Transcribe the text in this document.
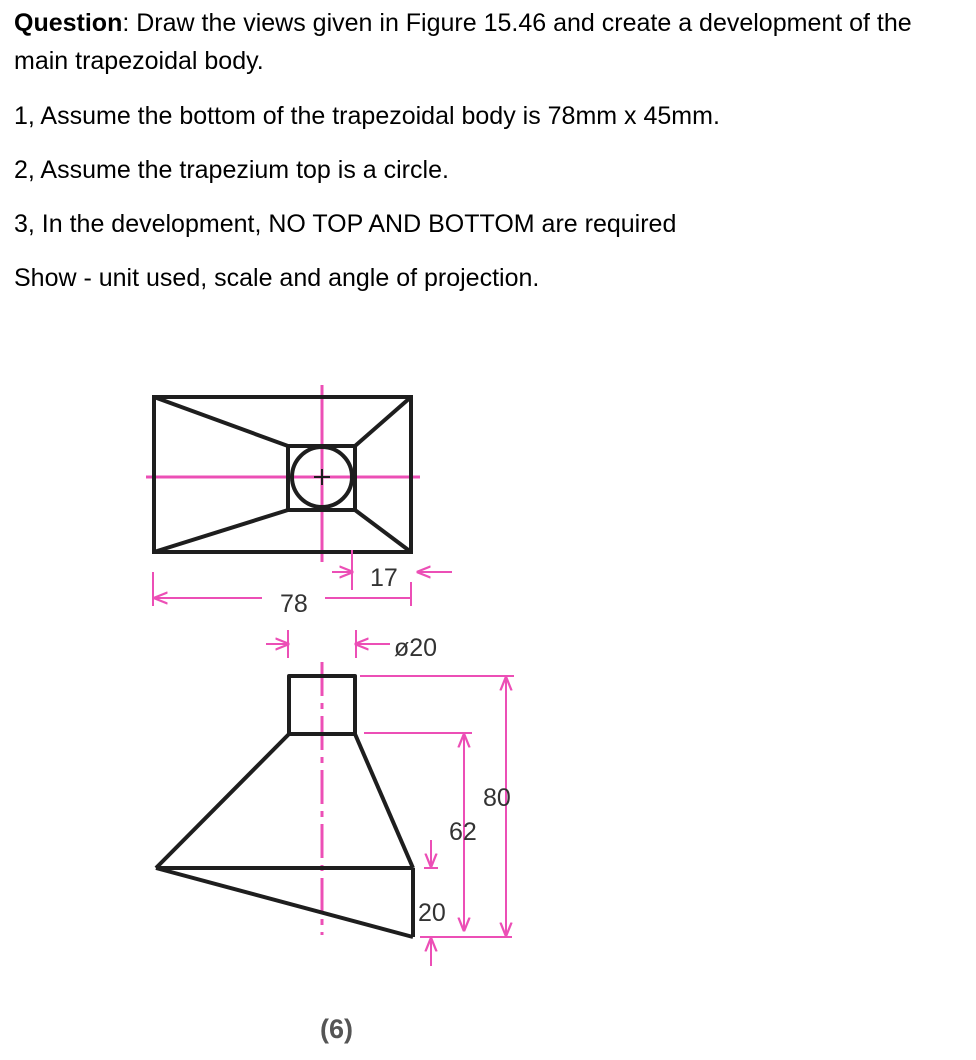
Question: Draw the views given in Figure 15.46 and create a development of the main trapezoidal body.

1, Assume the bottom of the trapezoidal body is 78mm x 45mm.

2, Assume the trapezium top is a circle.

3, In the development, NO TOP AND BOTTOM are required

Show - unit used, scale and angle of projection.

78
17
ø20
80
62
20
(6)
